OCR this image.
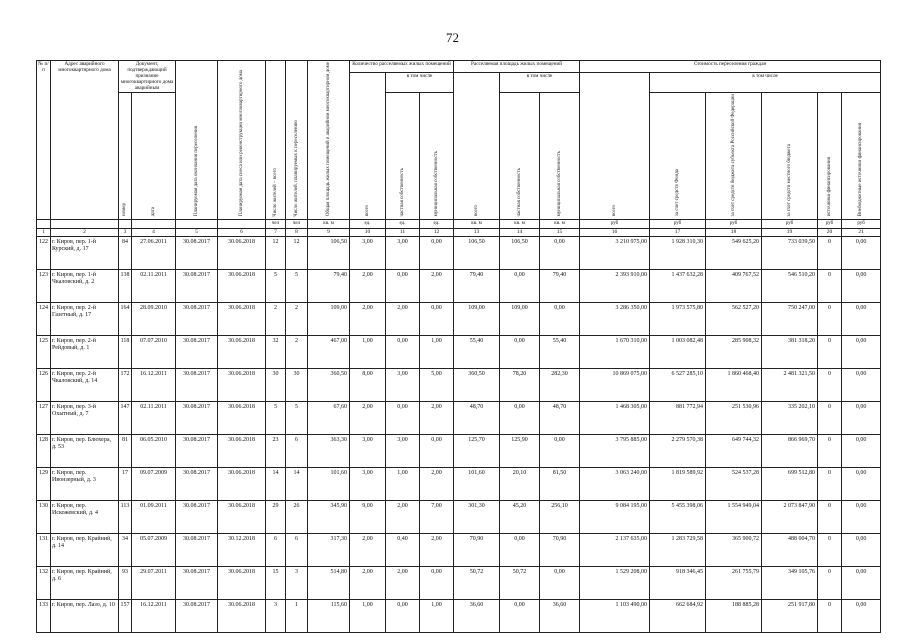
72
№ п/п	Адрес аварийного многоквартирного дома	Документ, подтверждающий признание многоквартирного дома аварийным		Планируемая дата окончания переселения	Планируемая дата сноса или реконструкции многоквартирного дома	Число жителей – всего	Число жителей, планируемых к переселению	Общая площадь жилых помещений в аварийном многоквартирном доме	Количество расселяемых жилых помещений			Расселяемая площадь жилых помещений			Стоимость переселения граждан					
									всего	в том числе		всего	в том числе		всего	в том числе				
		номер	дата							частная собственность	муниципальная собственность		частная собственность	муниципальная собственность		за счет средств Фонда	за счет средств бюджета субъекта Российской Федерации	за счет средств местного бюджета	источники финансирования	Внебюджетные источники финансирования
						чел	чел	кв. м	ед.	ед.	ед.	кв. м	кв. м	кв. м	руб	руб	руб	руб	руб	руб
1	2	3	4	5	6	7	8	9	10	11	12	13	14	15	16	17	18	19	20	21
122	г. Киров, пер. 1-й Курский, д. 17	84	27.06.2011	30.08.2017	30.06.2018	12	12	106,50	3,00	3,00	0,00	106,50	106,50	0,00	3 210 975,00	1 928 310,30	549 625,20	733 039,50	0	0,00
123	г. Киров, пер. 1-й Чкаловский, д. 2	138	02.11.2011	30.08.2017	30.06.2018	5	5	79,40	2,00	0,00	2,00	79,40	0,00	79,40	2 393 910,00	1 437 632,28	409 767,52	546 510,20	0	0,00
124	г. Киров, пер. 2-й Газетный, д. 17	164	28.09.2010	30.08.2017	30.06.2018	2	2	109,00	2,00	2,00	0,00	109,00	109,00	0,00	3 286 350,00	1 973 575,80	562 527,20	750 247,00	0	0,00
125	г. Киров, пер. 2-й Рейдовый, д. 1	118	07.07.2010	30.08.2017	30.06.2018	32	2	467,00	1,00	0,00	1,00	55,40	0,00	55,40	1 670 310,00	1 003 082,48	285 908,32	381 318,20	0	0,00
126	г. Киров, пер. 2-й Чкаловский, д. 14	172	16.12.2011	30.08.2017	30.06.2018	30	30	360,50	8,00	3,00	5,00	360,50	78,20	282,30	10 869 075,00	6 527 285,10	1 860 468,40	2 481 321,50	0	0,00
127	г. Киров, пер. 3-й Охытный, д. 7	147	02.11.2011	30.08.2017	30.06.2018	5	5	67,60	2,00	0,00	2,00	48,70	0,00	48,70	1 468 305,00	881 772,94	251 530,96	335 202,10	0	0,00
128	г. Киров, пер. Блюхера, д. 53	81	06.05.2010	30.08.2017	30.06.2018	23	6	363,30	3,00	3,00	0,00	125,70	125,90	0,00	3 795 885,00	2 279 570,38	649 744,32	866 969,70	0	0,00
129	г. Киров, пер. Ивонзерный, д. 3	17	09.07.2009	30.08.2017	30.06.2018	14	14	101,60	3,00	1,00	2,00	101,60	20,10	81,50	3 063 240,00	1 819 589,92	524 537,28	699 512,80	0	0,00
130	г. Киров, пер. Искожевский, д. 4	113	01.09.2011	30.08.2017	30.06.2018	29	26	345,90	9,00	2,00	7,00	301,30	45,20	256,10	9 084 195,00	5 455 398,06	1 554 949,04	2 073 847,90	0	0,00
131	г. Киров, пер. Крайний, д. 14	34	05.07.2009	30.08.2017	30.12.2018	6	6	317,30	2,00	0,40	2,00	70,90	0,00	70,90	2 137 635,00	1 283 729,58	365 900,72	488 004,70	0	0,00
132	г. Киров, пер. Крайний, д. 6	93	29.07.2011	30.08.2017	30.06.2018	15	3	514,80	2,00	2,00	0,00	50,72	50,72	0,00	1 529 208,00	918 346,45	261 755,79	349 105,76	0	0,00
133	г. Киров, пер. Лазо, д. 10	157	16.12.2011	30.08.2017	30.06.2018	3	1	115,60	1,00	0,00	1,00	36,60	0,00	36,60	1 103 490,00	662 684,92	188 885,28	251 917,80	0	0,00
